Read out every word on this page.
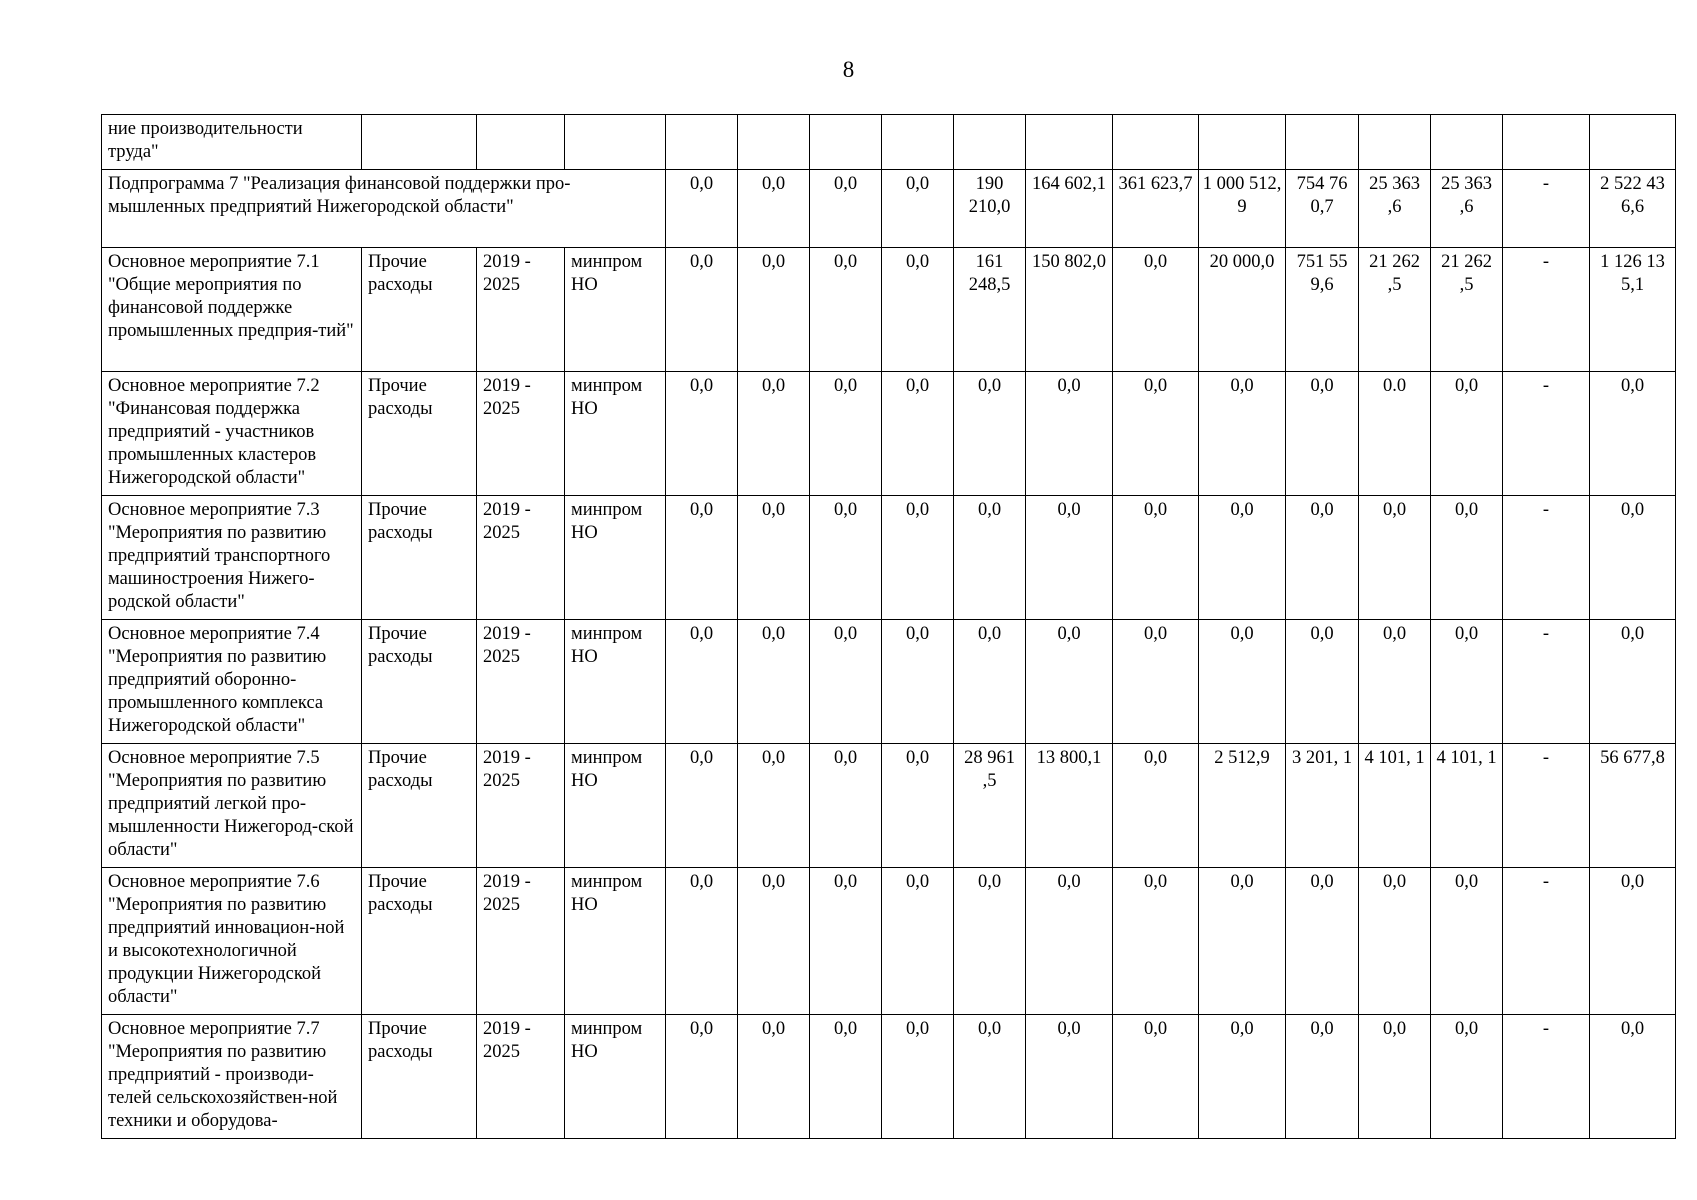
8
ние производительности труда"																
Подпрограмма 7 "Реализация финансовой поддержки про-мышленных предприятий Нижегородской области"				0,0	0,0	0,0	0,0	190 210,0	164 602,1	361 623,7	1 000 512, 9	754 76 0,7	25 363 ,6	25 363 ,6	-	2 522 43 6,6
Основное мероприятие 7.1 "Общие мероприятия по финансовой поддержке промышленных предприя-тий"	Прочие расходы	2019 - 2025	минпром НО	0,0	0,0	0,0	0,0	161 248,5	150 802,0	0,0	20 000,0	751 55 9,6	21 262 ,5	21 262 ,5	-	1 126 13 5,1
Основное мероприятие 7.2 "Финансовая поддержка предприятий - участников промышленных кластеров Нижегородской области"	Прочие расходы	2019 - 2025	минпром НО	0,0	0,0	0,0	0,0	0,0	0,0	0,0	0,0	0,0	0.0	0,0	-	0,0
Основное мероприятие 7.3 "Мероприятия по развитию предприятий транспортного машиностроения Нижего-родской области"	Прочие расходы	2019 - 2025	минпром НО	0,0	0,0	0,0	0,0	0,0	0,0	0,0	0,0	0,0	0,0	0,0	-	0,0
Основное мероприятие 7.4 "Мероприятия по развитию предприятий оборонно-промышленного комплекса Нижегородской области"	Прочие расходы	2019 - 2025	минпром НО	0,0	0,0	0,0	0,0	0,0	0,0	0,0	0,0	0,0	0,0	0,0	-	0,0
Основное мероприятие 7.5 "Мероприятия по развитию предприятий легкой про-мышленности Нижегород-ской области"	Прочие расходы	2019 - 2025	минпром НО	0,0	0,0	0,0	0,0	28 961 ,5	13 800,1	0,0	2 512,9	3 201, 1	4 101, 1	4 101, 1	-	56 677,8
Основное мероприятие 7.6 "Мероприятия по развитию предприятий инновацион-ной и высокотехнологичной продукции Нижегородской области"	Прочие расходы	2019 - 2025	минпром НО	0,0	0,0	0,0	0,0	0,0	0,0	0,0	0,0	0,0	0,0	0,0	-	0,0
Основное мероприятие 7.7 "Мероприятия по развитию предприятий - производи-телей сельскохозяйствен-ной техники и оборудова-	Прочие расходы	2019 - 2025	минпром НО	0,0	0,0	0,0	0,0	0,0	0,0	0,0	0,0	0,0	0,0	0,0	-	0,0
